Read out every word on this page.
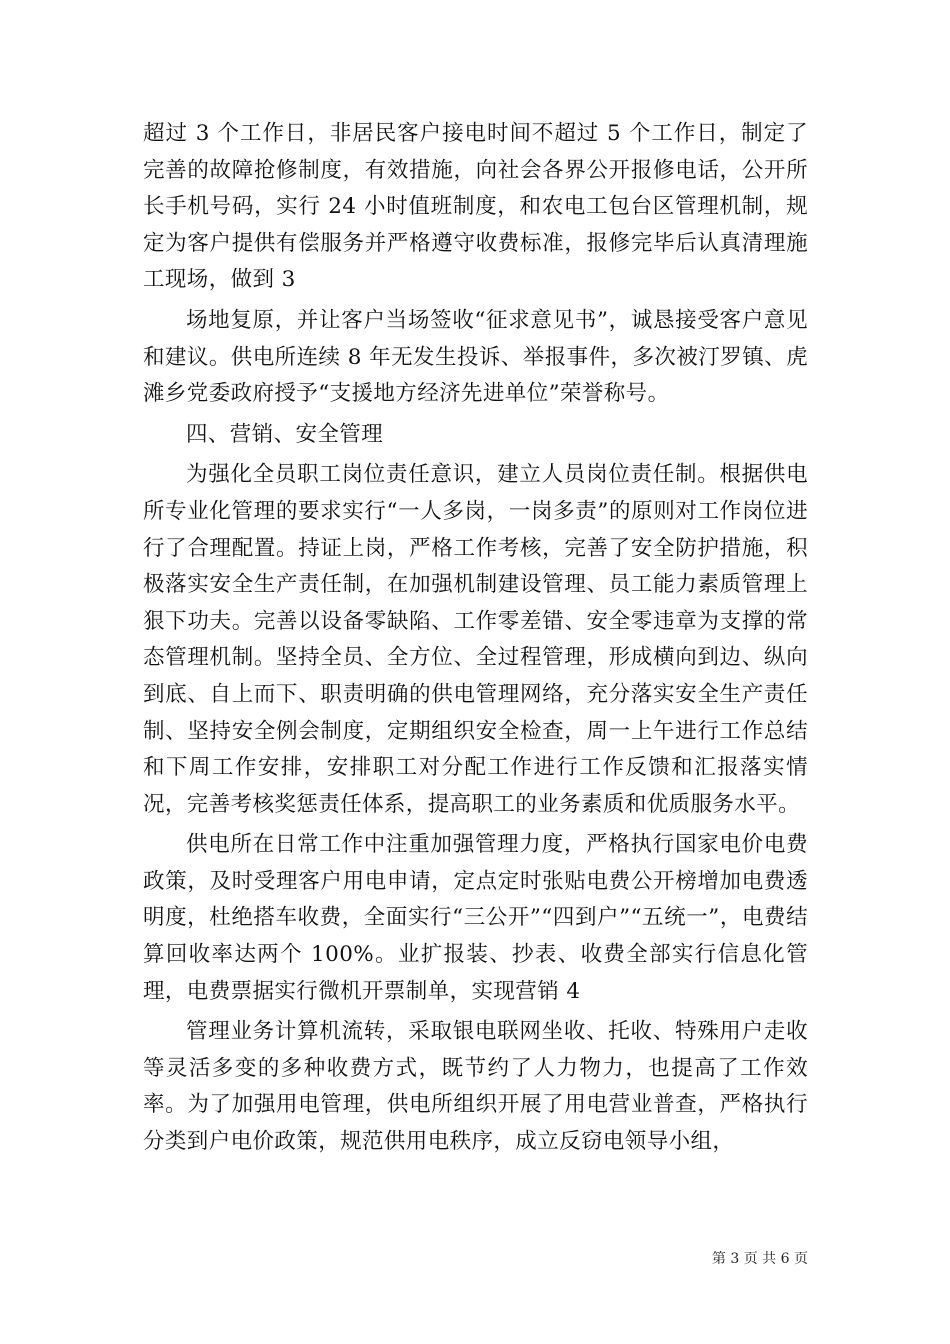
超过 3 个工作日，非居民客户接电时间不超过 5 个工作日，制定了完善的故障抢修制度，有效措施，向社会各界公开报修电话，公开所长手机号码，实行 24 小时值班制度，和农电工包台区管理机制，规定为客户提供有偿服务并严格遵守收费标准，报修完毕后认真清理施工现场，做到 3

场地复原，并让客户当场签收“征求意见书”，诚恳接受客户意见和建议。供电所连续 8 年无发生投诉、举报事件，多次被汀罗镇、虎滩乡党委政府授予“支援地方经济先进单位”荣誉称号。

四、营销、安全管理

为强化全员职工岗位责任意识，建立人员岗位责任制。根据供电所专业化管理的要求实行“一人多岗，一岗多责”的原则对工作岗位进行了合理配置。持证上岗，严格工作考核，完善了安全防护措施，积极落实安全生产责任制，在加强机制建设管理、员工能力素质管理上狠下功夫。完善以设备零缺陷、工作零差错、安全零违章为支撑的常态管理机制。坚持全员、全方位、全过程管理，形成横向到边、纵向到底、自上而下、职责明确的供电管理网络，充分落实安全生产责任制、坚持安全例会制度，定期组织安全检查，周一上午进行工作总结和下周工作安排，安排职工对分配工作进行工作反馈和汇报落实情况，完善考核奖惩责任体系，提高职工的业务素质和优质服务水平。

供电所在日常工作中注重加强管理力度，严格执行国家电价电费政策，及时受理客户用电申请，定点定时张贴电费公开榜增加电费透明度，杜绝搭车收费，全面实行“三公开”“四到户”“五统一”，电费结算回收率达两个 100%。业扩报装、抄表、收费全部实行信息化管理，电费票据实行微机开票制单，实现营销 4

管理业务计算机流转，采取银电联网坐收、托收、特殊用户走收等灵活多变的多种收费方式，既节约了人力物力，也提高了工作效率。为了加强用电管理，供电所组织开展了用电营业普查，严格执行分类到户电价政策，规范供用电秩序，成立反窃电领导小组，

第 3 页 共 6 页
